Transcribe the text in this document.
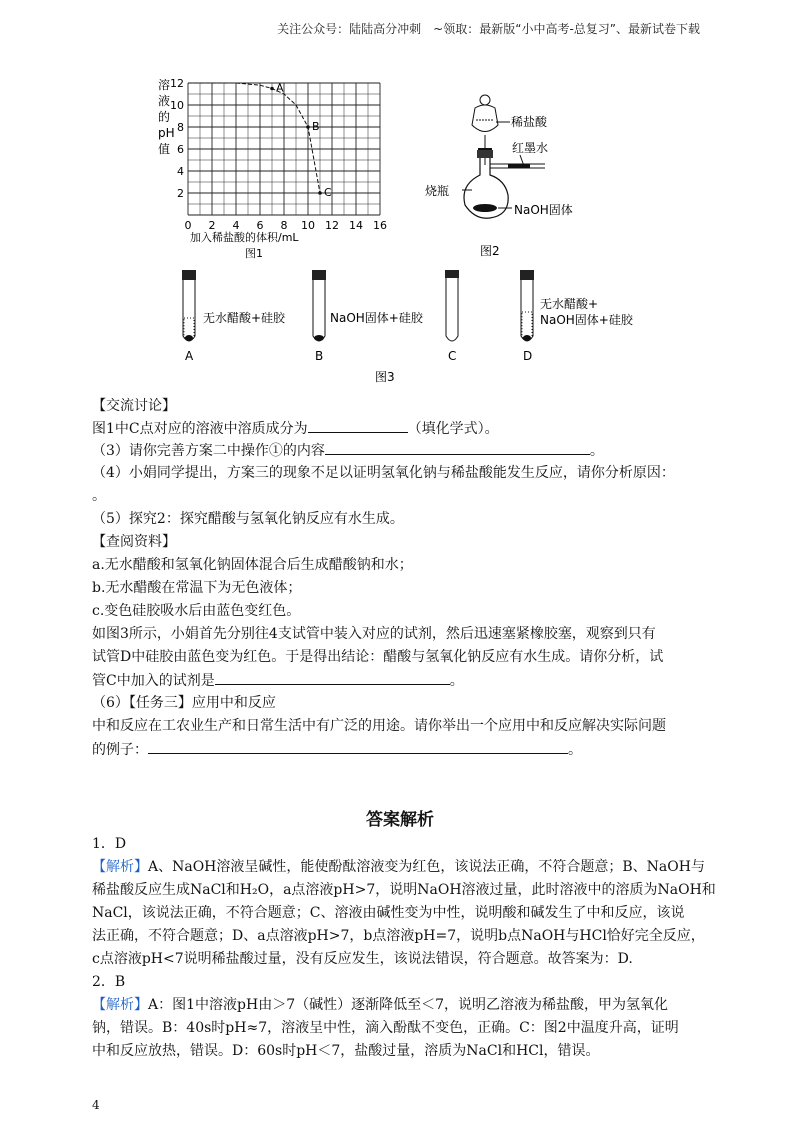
关注公众号：陆陆高分冲刺　~领取：最新版“小中高考-总复习”、最新试卷下载
溶
液
的
pH
值
12
10
8
6
4
2
0 2 4 6 8 10 12 14 16
A
B
C
加入稀盐酸的体积/mL
图1
稀盐酸
红墨水
烧瓶
NaOH固体
图2
A
无水醋酸+硅胶
B
NaOH固体+硅胶
C	D
无水醋酸+
NaOH固体+硅胶
图3
【交流讨论】
图1中C点对应的溶液中溶质成分为	（填化学式）。
（3）请你完善方案二中操作①的内容	。
（4）小娟同学提出，方案三的现象不足以证明氢氧化钠与稀盐酸能发生反应，请你分析原因：
。
（5）探究2：探究醋酸与氢氧化钠反应有水生成。
【查阅资料】
a.无水醋酸和氢氧化钠固体混合后生成醋酸钠和水；
b.无水醋酸在常温下为无色液体；
c.变色硅胶吸水后由蓝色变红色。
如图3所示，小娟首先分别往4支试管中装入对应的试剂，然后迅速塞紧橡胶塞，观察到只有
试管D中硅胶由蓝色变为红色。于是得出结论：醋酸与氢氧化钠反应有水生成。请你分析，试
管C中加入的试剂是	。
（6）【任务三】应用中和反应
中和反应在工农业生产和日常生活中有广泛的用途。请你举出一个应用中和反应解决实际问题
的例子：	。
答案解析
1．D
【解析】A、NaOH溶液呈碱性，能使酚酞溶液变为红色，该说法正确，不符合题意；B、NaOH与
稀盐酸反应生成NaCl和H₂O，a点溶液pH>7，说明NaOH溶液过量，此时溶液中的溶质为NaOH和
NaCl，该说法正确，不符合题意；C、溶液由碱性变为中性，说明酸和碱发生了中和反应，该说
法正确，不符合题意；D、a点溶液pH>7，b点溶液pH=7，说明b点NaOH与HCl恰好完全反应，
c点溶液pH<7说明稀盐酸过量，没有反应发生，该说法错误，符合题意。故答案为：D.
2．B
【解析】A：图1中溶液pH由＞7（碱性）逐渐降低至＜7，说明乙溶液为稀盐酸，甲为氢氧化
钠，错误。B：40s时pH≈7，溶液呈中性，滴入酚酞不变色，正确。C：图2中温度升高，证明
中和反应放热，错误。D：60s时pH＜7，盐酸过量，溶质为NaCl和HCl，错误。
4
